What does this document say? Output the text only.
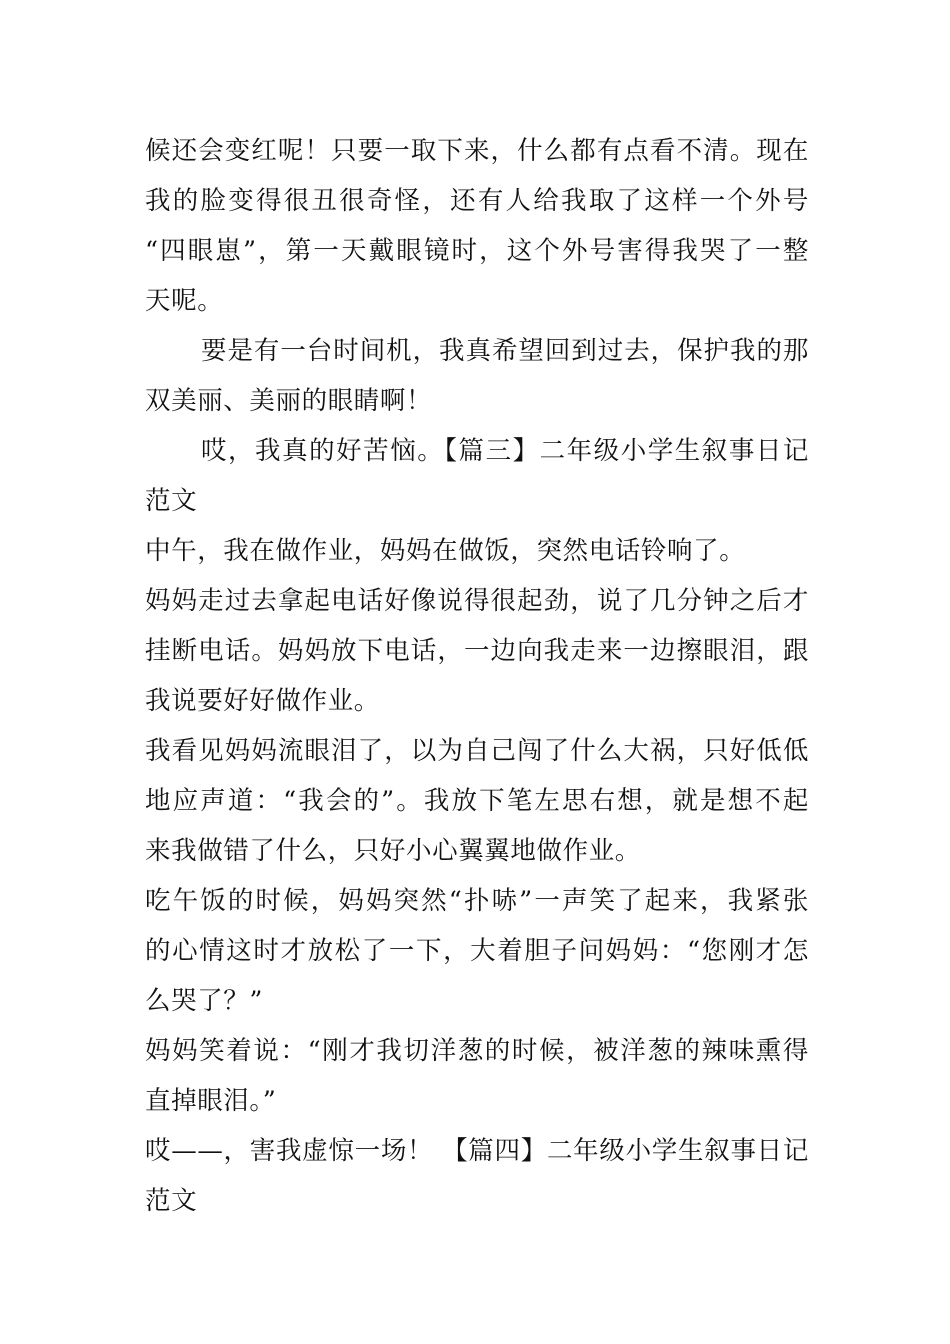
候还会变红呢！只要一取下来，什么都有点看不清。现在
我的脸变得很丑很奇怪，还有人给我取了这样一个外号
“四眼崽”，第一天戴眼镜时，这个外号害得我哭了一整
天呢。
要是有一台时间机，我真希望回到过去，保护我的那
双美丽、美丽的眼睛啊！
哎，我真的好苦恼。【篇三】二年级小学生叙事日记
范文
中午，我在做作业，妈妈在做饭，突然电话铃响了。
妈妈走过去拿起电话好像说得很起劲，说了几分钟之后才
挂断电话。妈妈放下电话，一边向我走来一边擦眼泪，跟
我说要好好做作业。
我看见妈妈流眼泪了，以为自己闯了什么大祸，只好低低
地应声道：“我会的”。我放下笔左思右想，就是想不起
来我做错了什么，只好小心翼翼地做作业。
吃午饭的时候，妈妈突然“扑哧”一声笑了起来，我紧张
的心情这时才放松了一下，大着胆子问妈妈：“您刚才怎
么哭了？”
妈妈笑着说：“刚才我切洋葱的时候，被洋葱的辣味熏得
直掉眼泪。”
哎——，害我虚惊一场！ 【篇四】二年级小学生叙事日记
范文
